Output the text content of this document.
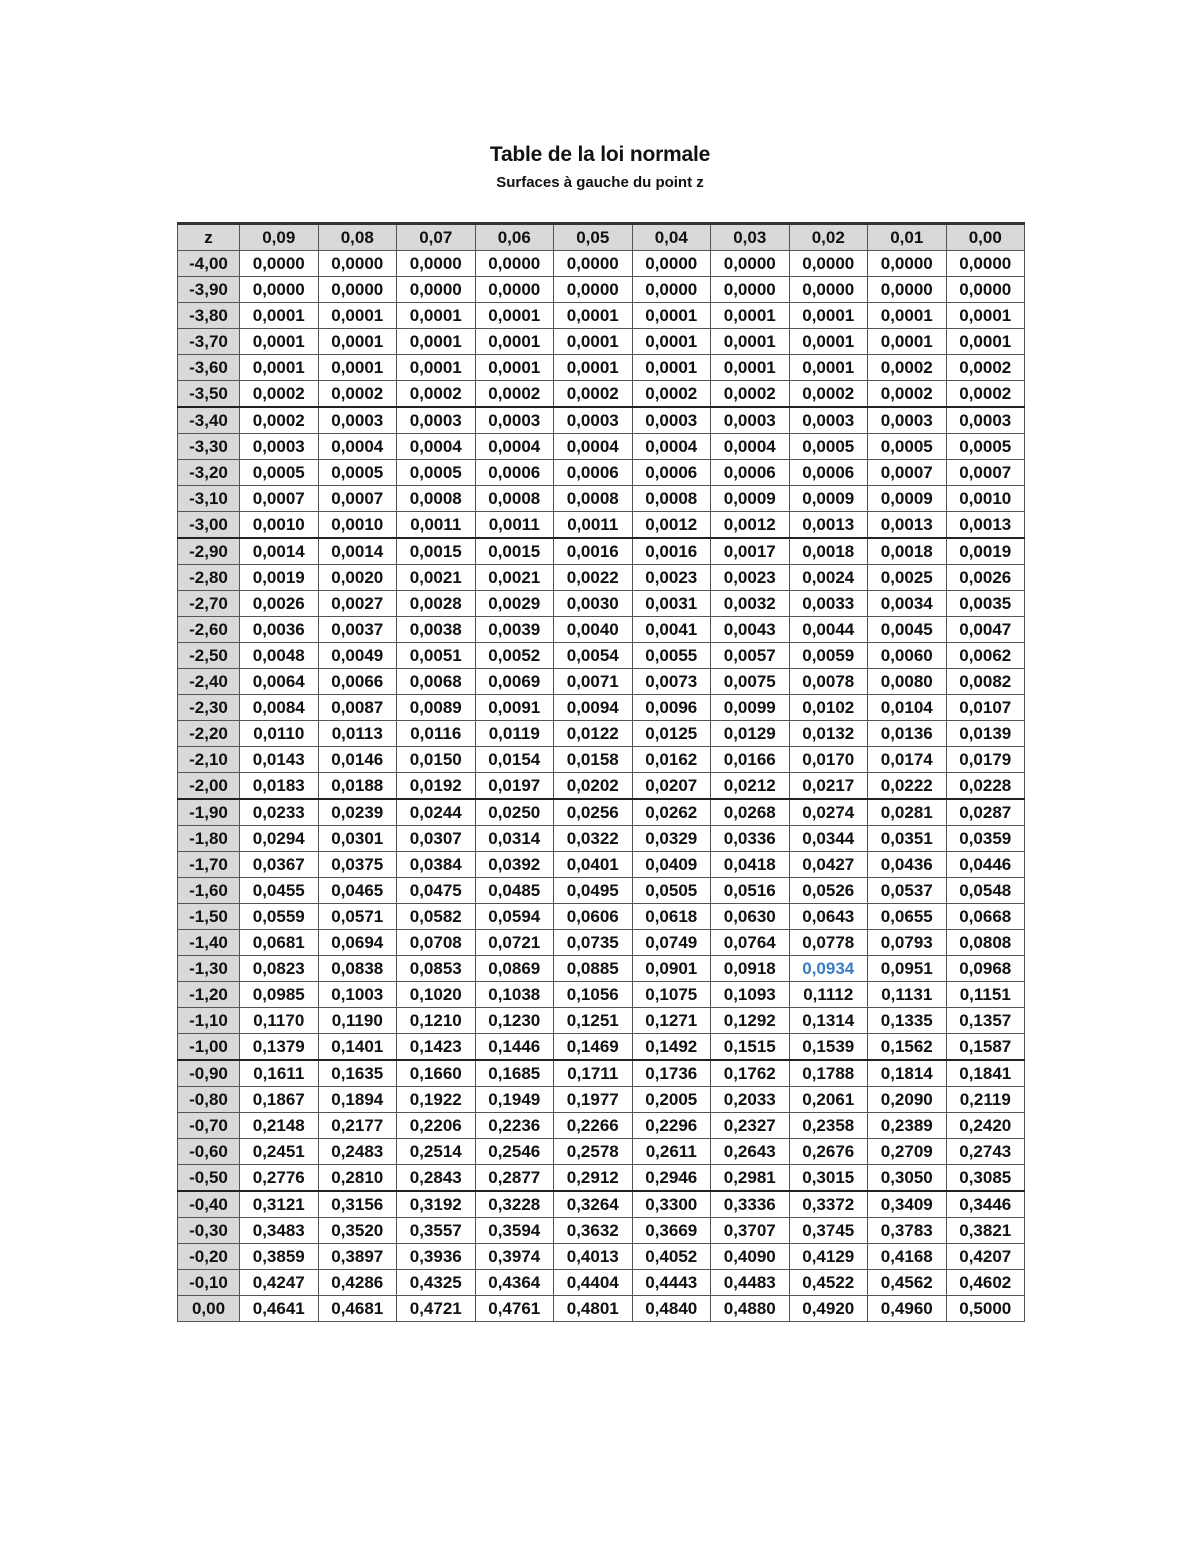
Table de la loi normale
Surfaces à gauche du point z
z	0,09	0,08	0,07	0,06	0,05	0,04	0,03	0,02	0,01	0,00
-4,00	0,0000	0,0000	0,0000	0,0000	0,0000	0,0000	0,0000	0,0000	0,0000	0,0000
-3,90	0,0000	0,0000	0,0000	0,0000	0,0000	0,0000	0,0000	0,0000	0,0000	0,0000
-3,80	0,0001	0,0001	0,0001	0,0001	0,0001	0,0001	0,0001	0,0001	0,0001	0,0001
-3,70	0,0001	0,0001	0,0001	0,0001	0,0001	0,0001	0,0001	0,0001	0,0001	0,0001
-3,60	0,0001	0,0001	0,0001	0,0001	0,0001	0,0001	0,0001	0,0001	0,0002	0,0002
-3,50	0,0002	0,0002	0,0002	0,0002	0,0002	0,0002	0,0002	0,0002	0,0002	0,0002
-3,40	0,0002	0,0003	0,0003	0,0003	0,0003	0,0003	0,0003	0,0003	0,0003	0,0003
-3,30	0,0003	0,0004	0,0004	0,0004	0,0004	0,0004	0,0004	0,0005	0,0005	0,0005
-3,20	0,0005	0,0005	0,0005	0,0006	0,0006	0,0006	0,0006	0,0006	0,0007	0,0007
-3,10	0,0007	0,0007	0,0008	0,0008	0,0008	0,0008	0,0009	0,0009	0,0009	0,0010
-3,00	0,0010	0,0010	0,0011	0,0011	0,0011	0,0012	0,0012	0,0013	0,0013	0,0013
-2,90	0,0014	0,0014	0,0015	0,0015	0,0016	0,0016	0,0017	0,0018	0,0018	0,0019
-2,80	0,0019	0,0020	0,0021	0,0021	0,0022	0,0023	0,0023	0,0024	0,0025	0,0026
-2,70	0,0026	0,0027	0,0028	0,0029	0,0030	0,0031	0,0032	0,0033	0,0034	0,0035
-2,60	0,0036	0,0037	0,0038	0,0039	0,0040	0,0041	0,0043	0,0044	0,0045	0,0047
-2,50	0,0048	0,0049	0,0051	0,0052	0,0054	0,0055	0,0057	0,0059	0,0060	0,0062
-2,40	0,0064	0,0066	0,0068	0,0069	0,0071	0,0073	0,0075	0,0078	0,0080	0,0082
-2,30	0,0084	0,0087	0,0089	0,0091	0,0094	0,0096	0,0099	0,0102	0,0104	0,0107
-2,20	0,0110	0,0113	0,0116	0,0119	0,0122	0,0125	0,0129	0,0132	0,0136	0,0139
-2,10	0,0143	0,0146	0,0150	0,0154	0,0158	0,0162	0,0166	0,0170	0,0174	0,0179
-2,00	0,0183	0,0188	0,0192	0,0197	0,0202	0,0207	0,0212	0,0217	0,0222	0,0228
-1,90	0,0233	0,0239	0,0244	0,0250	0,0256	0,0262	0,0268	0,0274	0,0281	0,0287
-1,80	0,0294	0,0301	0,0307	0,0314	0,0322	0,0329	0,0336	0,0344	0,0351	0,0359
-1,70	0,0367	0,0375	0,0384	0,0392	0,0401	0,0409	0,0418	0,0427	0,0436	0,0446
-1,60	0,0455	0,0465	0,0475	0,0485	0,0495	0,0505	0,0516	0,0526	0,0537	0,0548
-1,50	0,0559	0,0571	0,0582	0,0594	0,0606	0,0618	0,0630	0,0643	0,0655	0,0668
-1,40	0,0681	0,0694	0,0708	0,0721	0,0735	0,0749	0,0764	0,0778	0,0793	0,0808
-1,30	0,0823	0,0838	0,0853	0,0869	0,0885	0,0901	0,0918	0,0934	0,0951	0,0968
-1,20	0,0985	0,1003	0,1020	0,1038	0,1056	0,1075	0,1093	0,1112	0,1131	0,1151
-1,10	0,1170	0,1190	0,1210	0,1230	0,1251	0,1271	0,1292	0,1314	0,1335	0,1357
-1,00	0,1379	0,1401	0,1423	0,1446	0,1469	0,1492	0,1515	0,1539	0,1562	0,1587
-0,90	0,1611	0,1635	0,1660	0,1685	0,1711	0,1736	0,1762	0,1788	0,1814	0,1841
-0,80	0,1867	0,1894	0,1922	0,1949	0,1977	0,2005	0,2033	0,2061	0,2090	0,2119
-0,70	0,2148	0,2177	0,2206	0,2236	0,2266	0,2296	0,2327	0,2358	0,2389	0,2420
-0,60	0,2451	0,2483	0,2514	0,2546	0,2578	0,2611	0,2643	0,2676	0,2709	0,2743
-0,50	0,2776	0,2810	0,2843	0,2877	0,2912	0,2946	0,2981	0,3015	0,3050	0,3085
-0,40	0,3121	0,3156	0,3192	0,3228	0,3264	0,3300	0,3336	0,3372	0,3409	0,3446
-0,30	0,3483	0,3520	0,3557	0,3594	0,3632	0,3669	0,3707	0,3745	0,3783	0,3821
-0,20	0,3859	0,3897	0,3936	0,3974	0,4013	0,4052	0,4090	0,4129	0,4168	0,4207
-0,10	0,4247	0,4286	0,4325	0,4364	0,4404	0,4443	0,4483	0,4522	0,4562	0,4602
0,00	0,4641	0,4681	0,4721	0,4761	0,4801	0,4840	0,4880	0,4920	0,4960	0,5000
